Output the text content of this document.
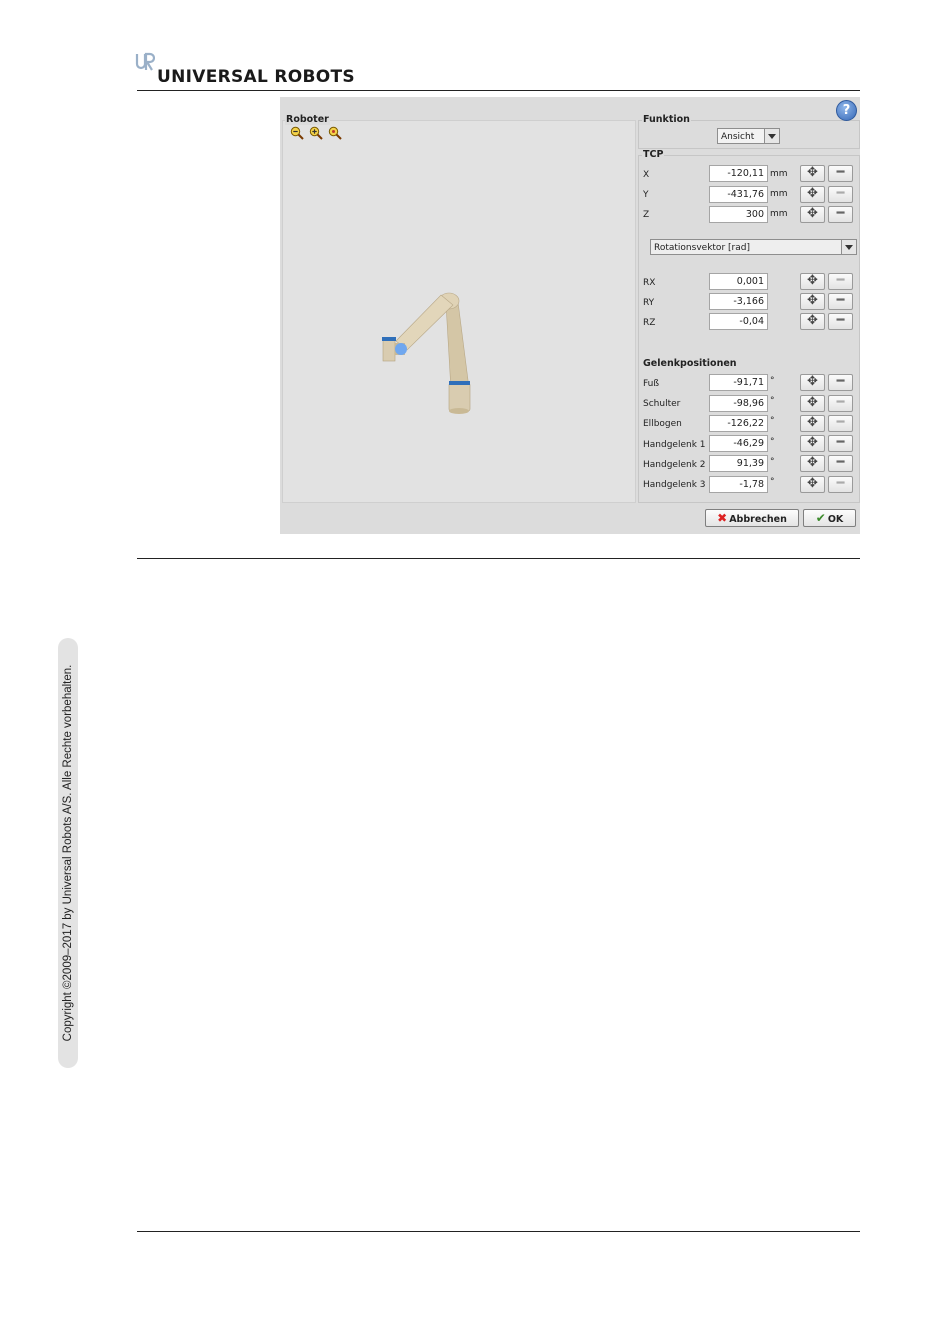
UNIVERSAL ROBOTS
Roboter	Funktion
Ansicht
?
TCP
X	-120,11 mm	✥	━
Y	-431,76 mm	✥	━
Z	300 mm	✥	━
Rotationsvektor [rad]
RX	0,001	✥	━
RY	-3,166	✥	━
RZ	-0,04	✥	━
Gelenkpositionen
Fuß	-91,71 °	✥	━
Schulter	-98,96 °	✥	━
Ellbogen	-126,22 °	✥	━
Handgelenk 1	-46,29 °	✥	━
Handgelenk 2	91,39 °	✥	━
Handgelenk 3	-1,78 °	✥	━
✖ Abbrechen	✔ OK
Copyright ©2009–2017 by Universal Robots A/S. Alle Rechte vorbehalten.
